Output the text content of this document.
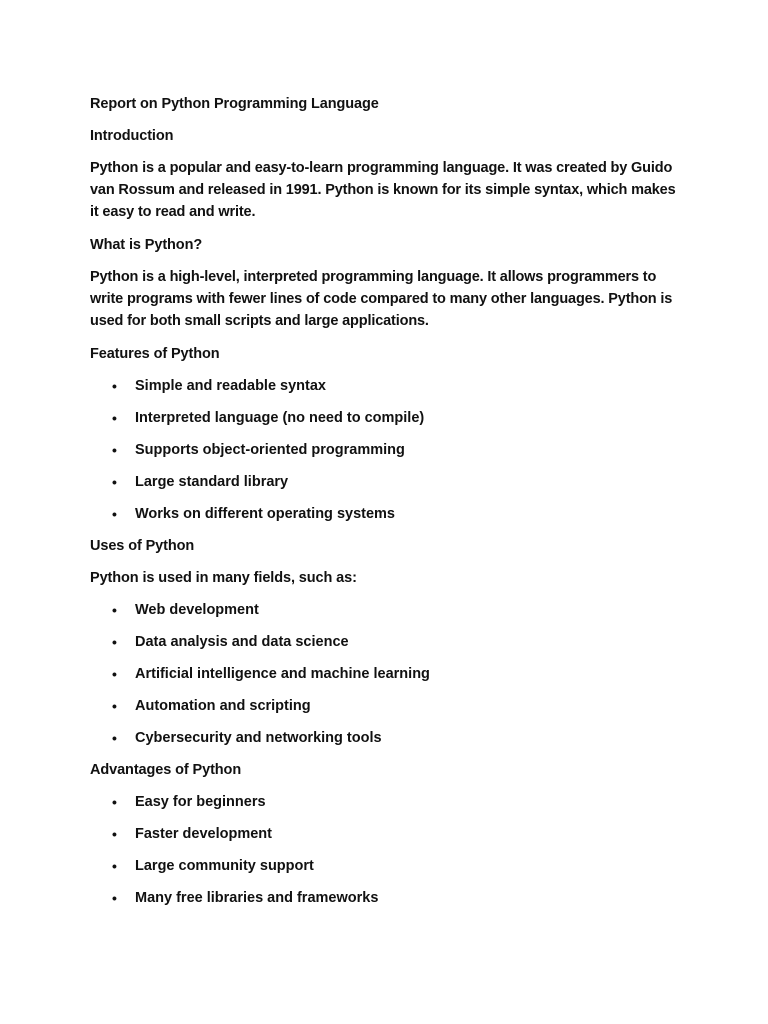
Report on Python Programming Language
Introduction
Python is a popular and easy-to-learn programming language. It was created by Guido van Rossum and released in 1991. Python is known for its simple syntax, which makes it easy to read and write.
What is Python?
Python is a high-level, interpreted programming language. It allows programmers to write programs with fewer lines of code compared to many other languages. Python is used for both small scripts and large applications.
Features of Python
• Simple and readable syntax
• Interpreted language (no need to compile)
• Supports object-oriented programming
• Large standard library
• Works on different operating systems
Uses of Python
Python is used in many fields, such as:
• Web development
• Data analysis and data science
• Artificial intelligence and machine learning
• Automation and scripting
• Cybersecurity and networking tools
Advantages of Python
• Easy for beginners
• Faster development
• Large community support
• Many free libraries and frameworks
